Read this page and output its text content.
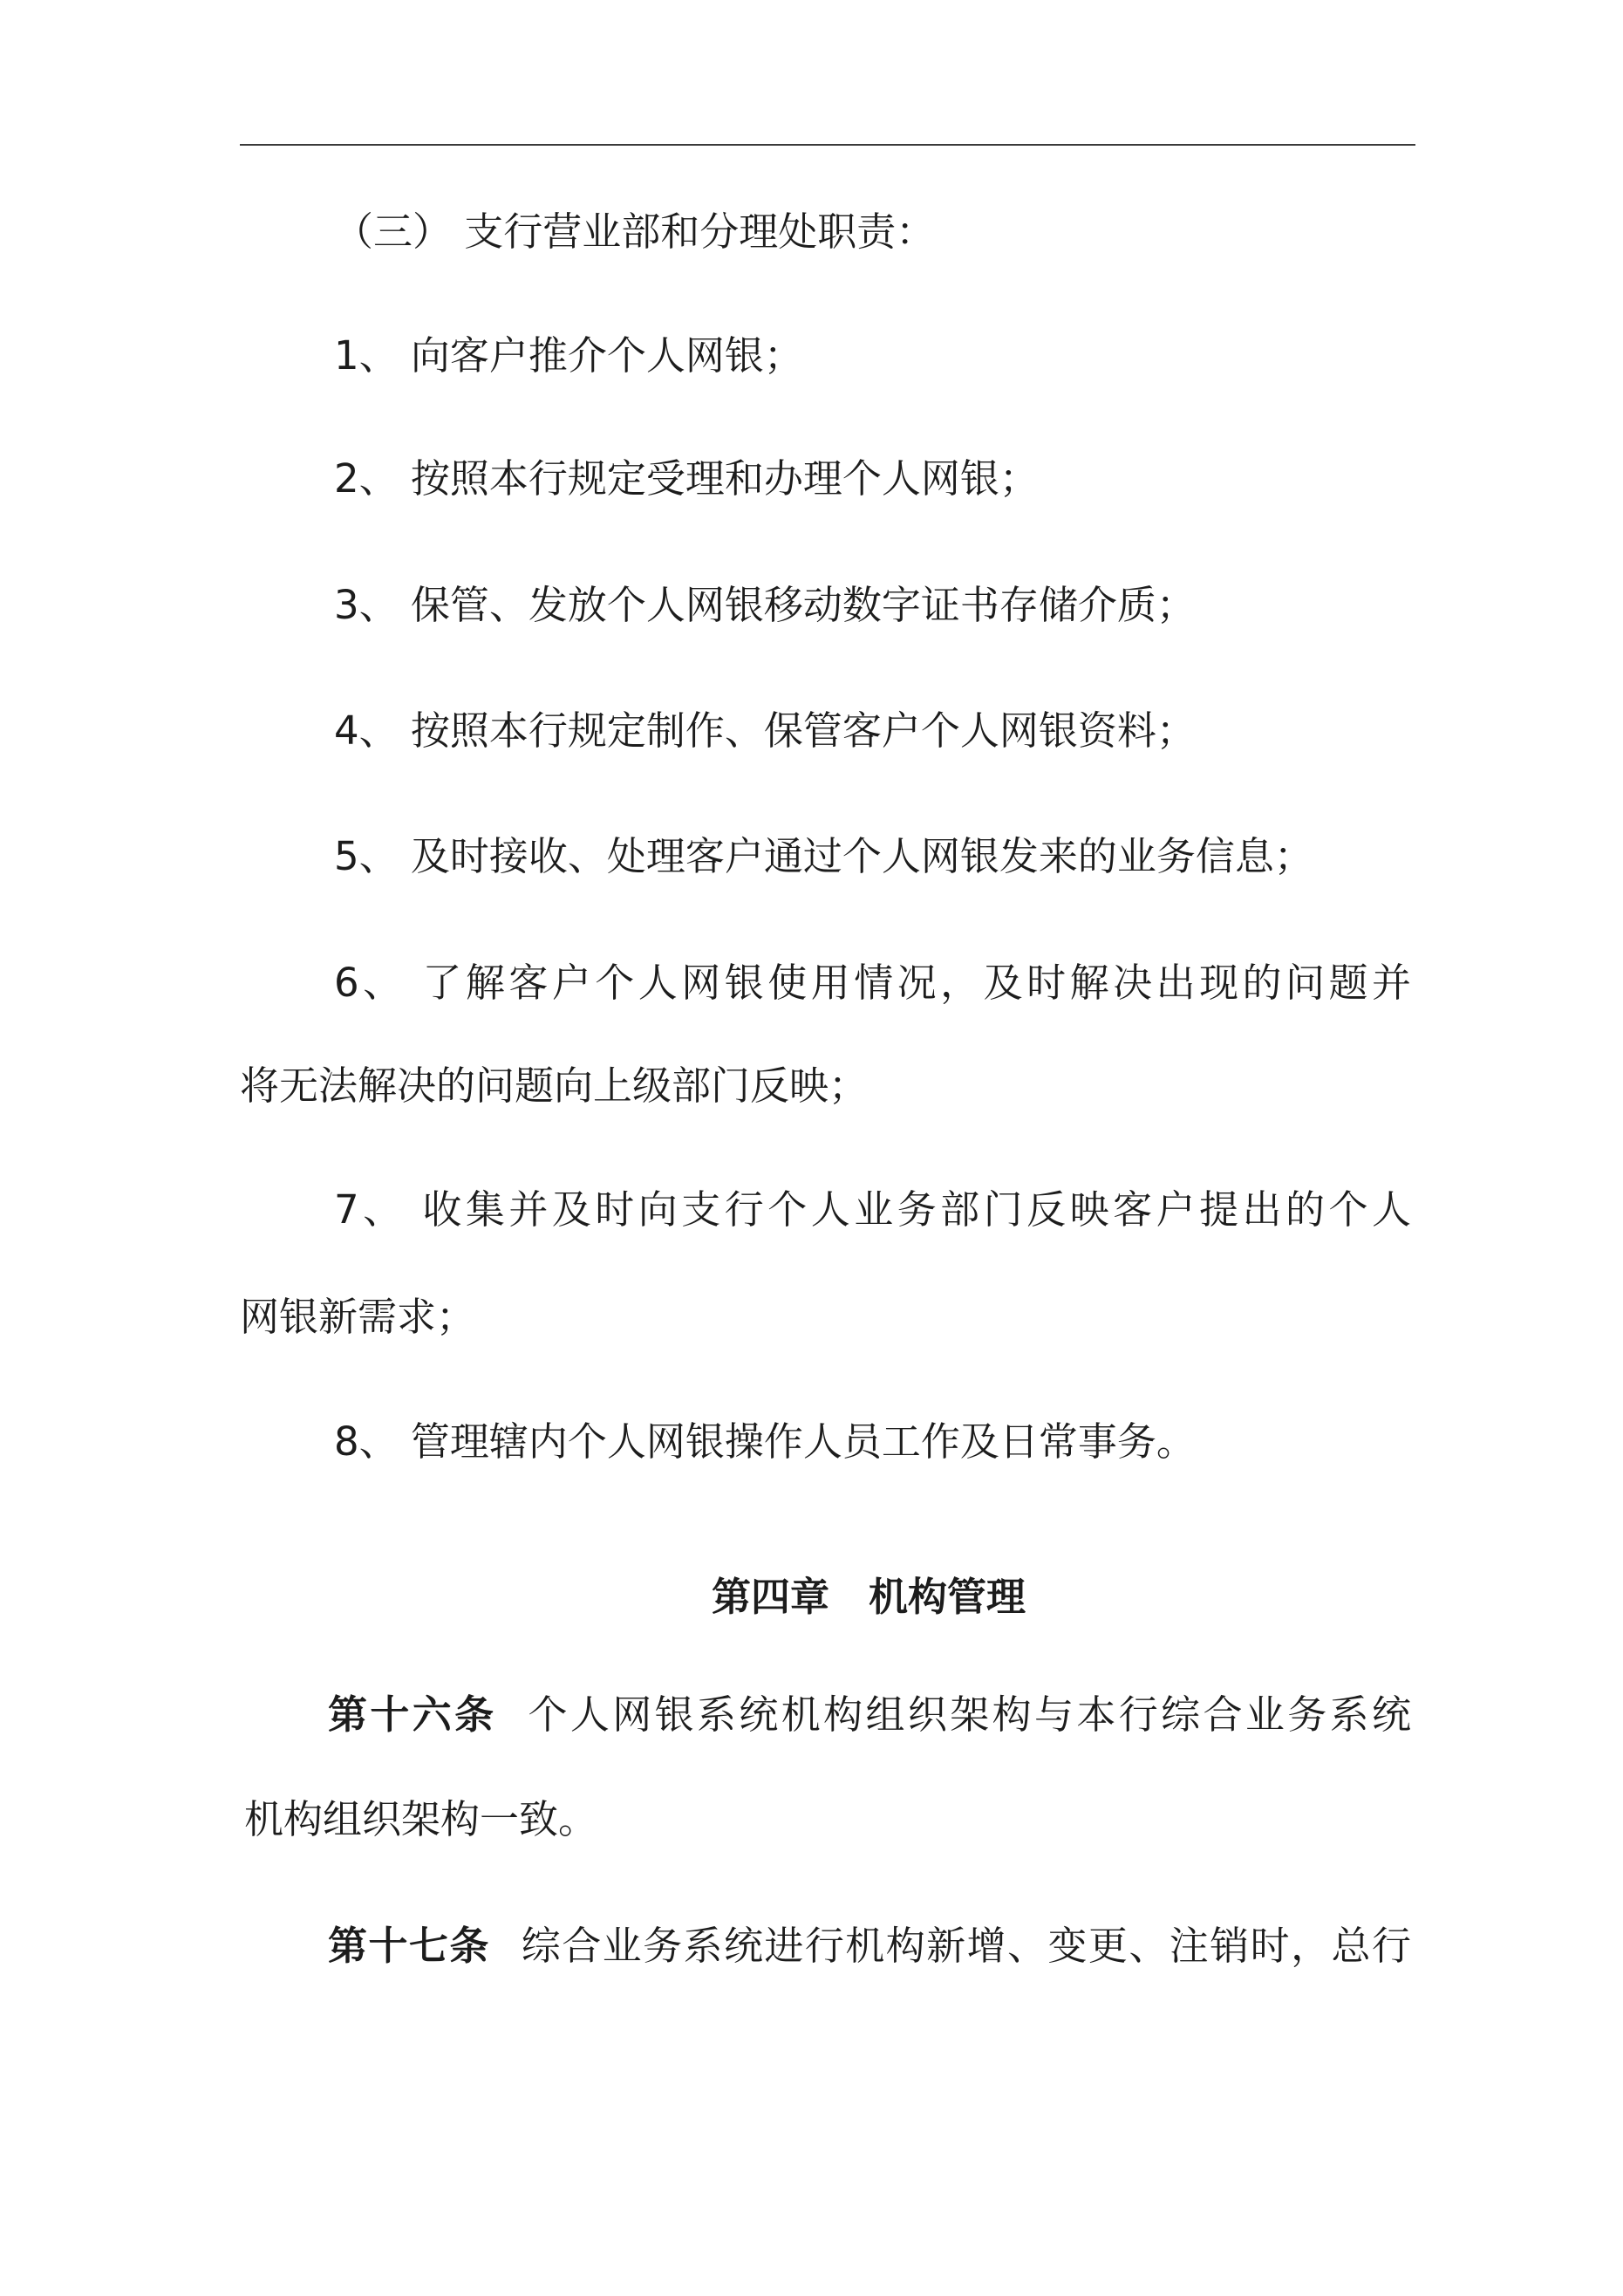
（三） 支行营业部和分理处职责：
1、 向客户推介个人网银；
2、 按照本行规定受理和办理个人网银；
3、 保管、发放个人网银移动数字证书存储介质；
4、 按照本行规定制作、保管客户个人网银资料；
5、 及时接收、处理客户通过个人网银发来的业务信息；
6、 了解客户个人网银使用情况，及时解决出现的问题并
将无法解决的问题向上级部门反映；
7、 收集并及时向支行个人业务部门反映客户提出的个人
网银新需求；
8、 管理辖内个人网银操作人员工作及日常事务。
第四章　机构管理
第十六条 个人网银系统机构组织架构与本行综合业务系统
机构组织架构一致。
第十七条 综合业务系统进行机构新增、变更、注销时，总行
